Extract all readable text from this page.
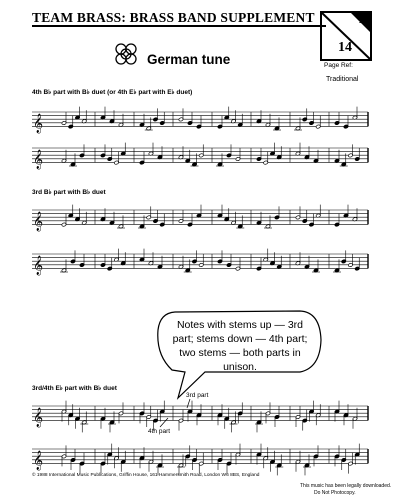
TEAM BRASS: BRASS BAND SUPPLEMENT	1
14
Page Ref:
German tune
Traditional
4th B♭ part with B♭ duet (or 4th E♭ part with E♭ duet)
3rd B♭ part with B♭ duet
3rd/4th E♭ part with B♭ duet
𝄞
𝄞
𝄞
𝄞
𝄞
𝄞
Notes with stems up — 3rd part; stems down — 4th part; two stems — both parts in unison.
3rd part
4th part
© 1988 International Music Publications, Griffin House, 161 Hammersmith Road, London W6 8BS, England
This music has been legally downloaded.
Do Not Photocopy.
